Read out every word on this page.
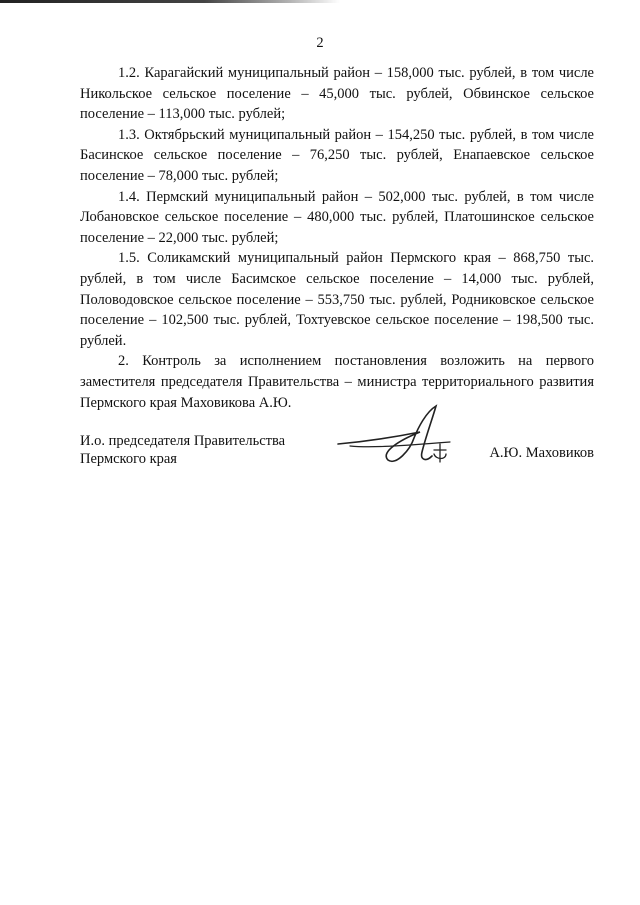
2

1.2. Карагайский муниципальный район – 158,000 тыс. рублей, в том числе Никольское сельское поселение – 45,000 тыс. рублей, Обвинское сельское поселение – 113,000 тыс. рублей;

1.3. Октябрьский муниципальный район – 154,250 тыс. рублей, в том числе Басинское сельское поселение – 76,250 тыс. рублей, Енапаевское сельское поселение – 78,000 тыс. рублей;

1.4. Пермский муниципальный район – 502,000 тыс. рублей, в том числе Лобановское сельское поселение – 480,000 тыс. рублей, Платошинское сельское поселение – 22,000 тыс. рублей;

1.5. Соликамский муниципальный район Пермского края – 868,750 тыс. рублей, в том числе Басимское сельское поселение – 14,000 тыс. рублей, Половодовское сельское поселение – 553,750 тыс. рублей, Родниковское сельское поселение – 102,500 тыс. рублей, Тохтуевское сельское поселение – 198,500 тыс. рублей.

2. Контроль за исполнением постановления возложить на первого заместителя председателя Правительства – министра территориального развития Пермского края Маховикова А.Ю.

И.о. председателя Правительства
Пермского края	А.Ю. Маховиков
